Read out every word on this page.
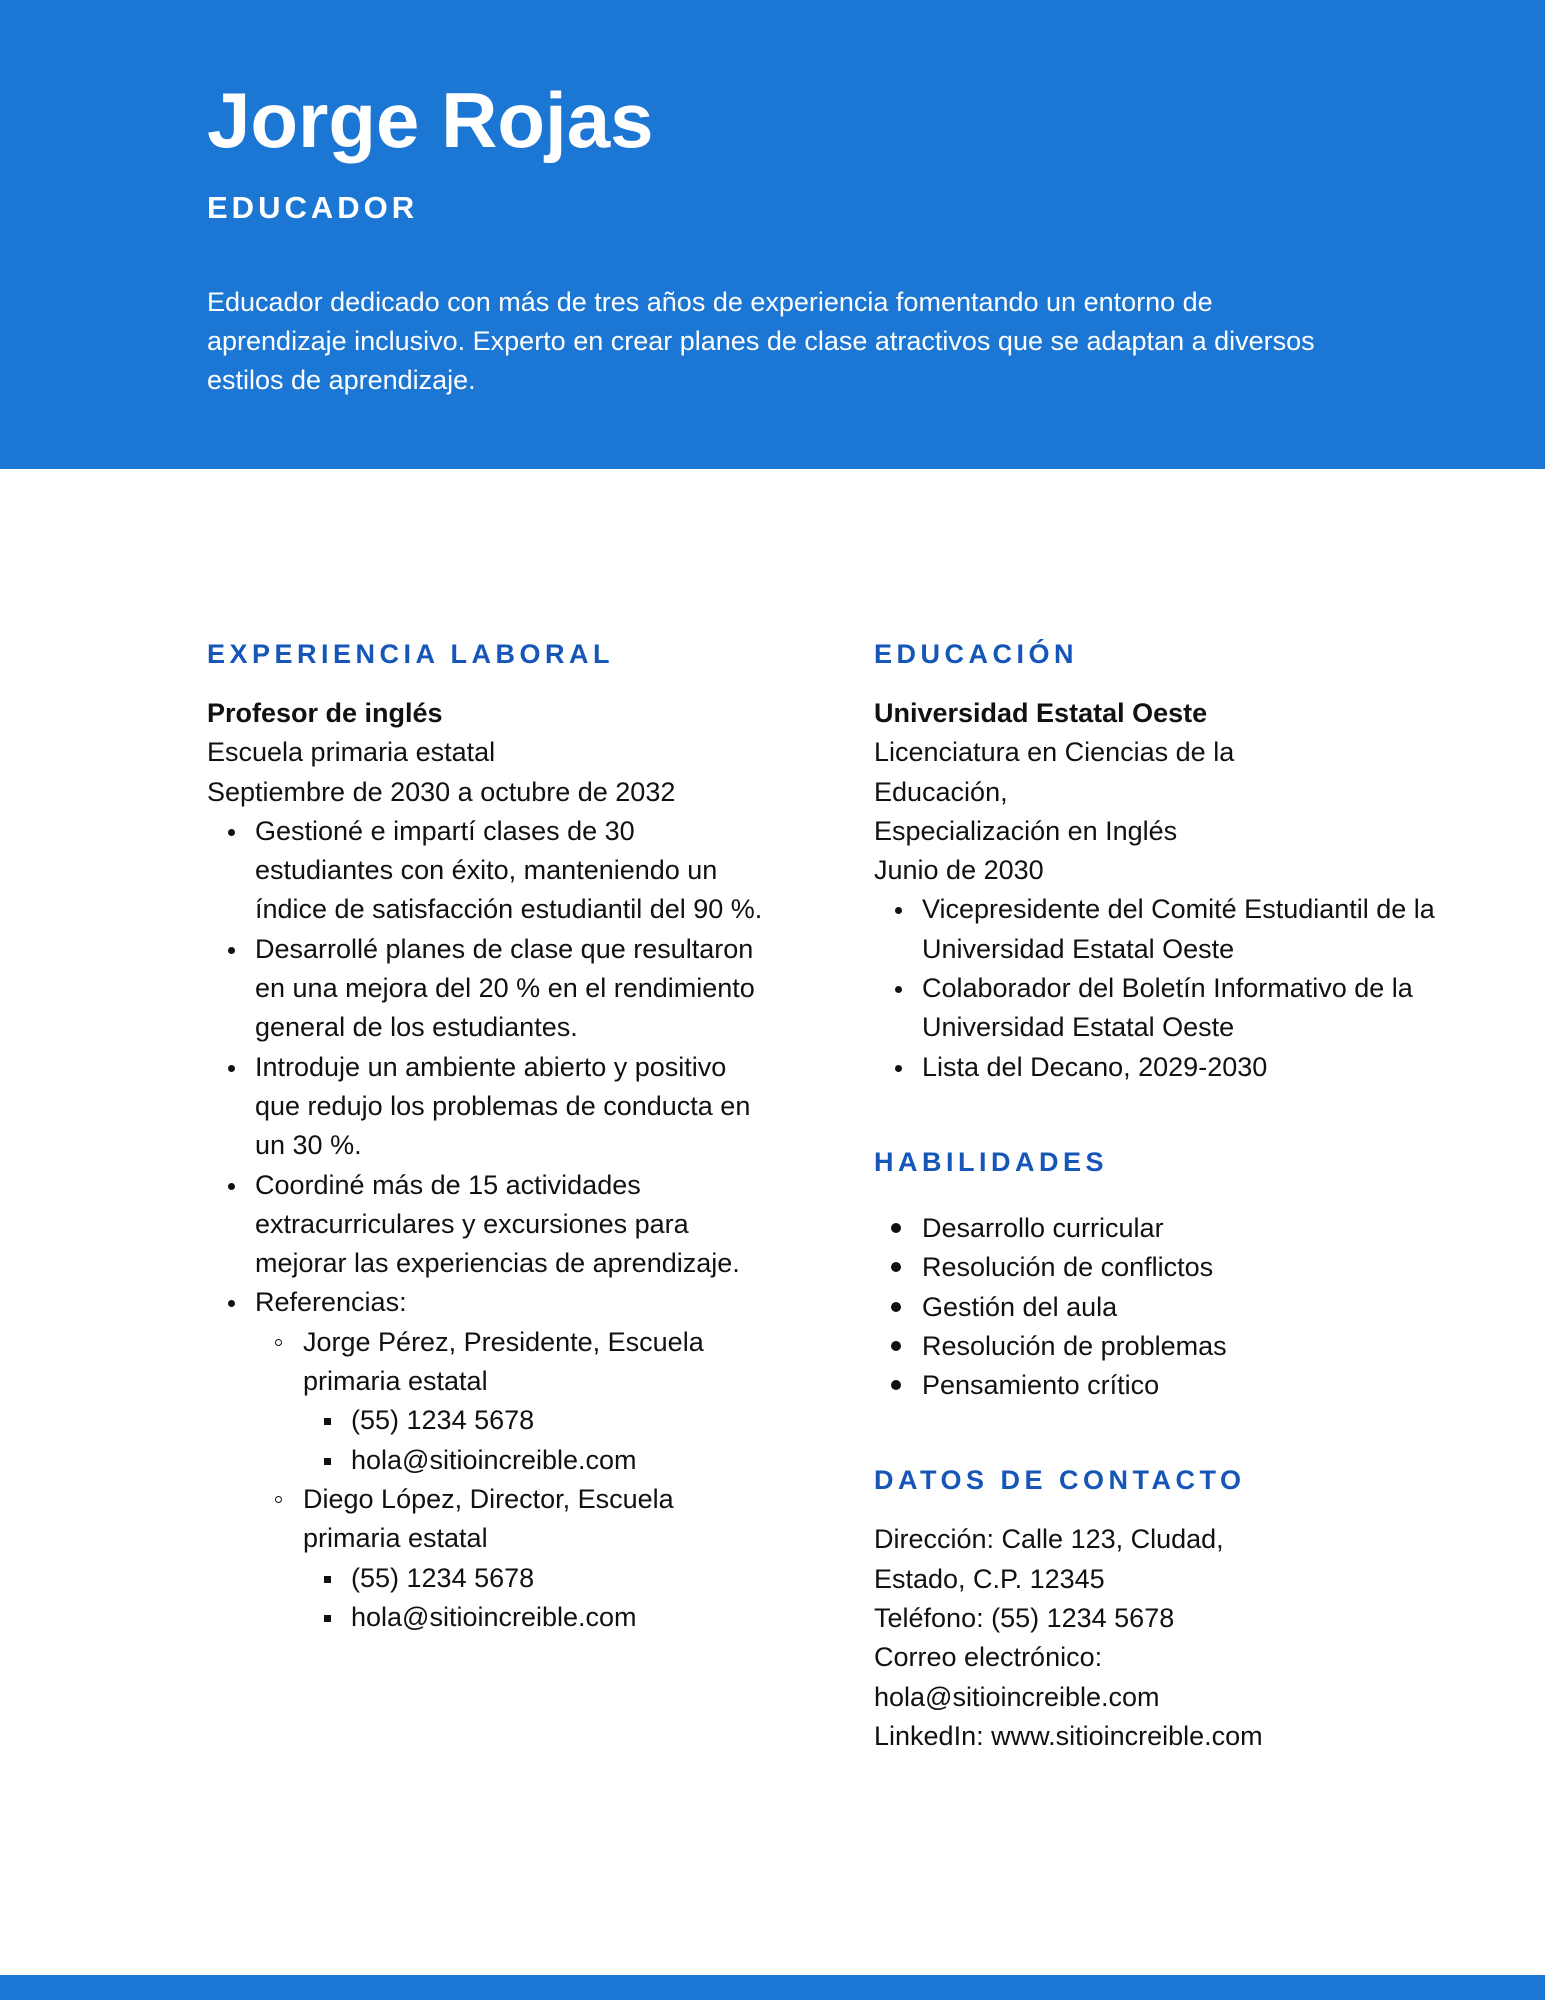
Jorge Rojas
EDUCADOR

Educador dedicado con más de tres años de experiencia fomentando un entorno de aprendizaje inclusivo. Experto en crear planes de clase atractivos que se adaptan a diversos estilos de aprendizaje.

EXPERIENCIA LABORAL
Profesor de inglés
Escuela primaria estatal
Septiembre de 2030 a octubre de 2032
Gestioné e impartí clases de 30 estudiantes con éxito, manteniendo un índice de satisfacción estudiantil del 90 %.
Desarrollé planes de clase que resultaron en una mejora del 20 % en el rendimiento general de los estudiantes.
Introduje un ambiente abierto y positivo que redujo los problemas de conducta en un 30 %.
Coordiné más de 15 actividades extracurriculares y excursiones para mejorar las experiencias de aprendizaje.
Referencias:
Jorge Pérez, Presidente, Escuela primaria estatal
(55) 1234 5678
hola@sitioincreible.com
Diego López, Director, Escuela primaria estatal
(55) 1234 5678
hola@sitioincreible.com
EDUCACIÓN
Universidad Estatal Oeste
Licenciatura en Ciencias de la
Educación,
Especialización en Inglés
Junio de 2030
Vicepresidente del Comité Estudiantil de la Universidad Estatal Oeste
Colaborador del Boletín Informativo de la Universidad Estatal Oeste
Lista del Decano, 2029-2030
HABILIDADES
Desarrollo curricular
Resolución de conflictos
Gestión del aula
Resolución de problemas
Pensamiento crítico
DATOS DE CONTACTO
Dirección: Calle 123, Cludad,
Estado, C.P. 12345
Teléfono: (55) 1234 5678
Correo electrónico:
hola@sitioincreible.com
LinkedIn: www.sitioincreible.com
